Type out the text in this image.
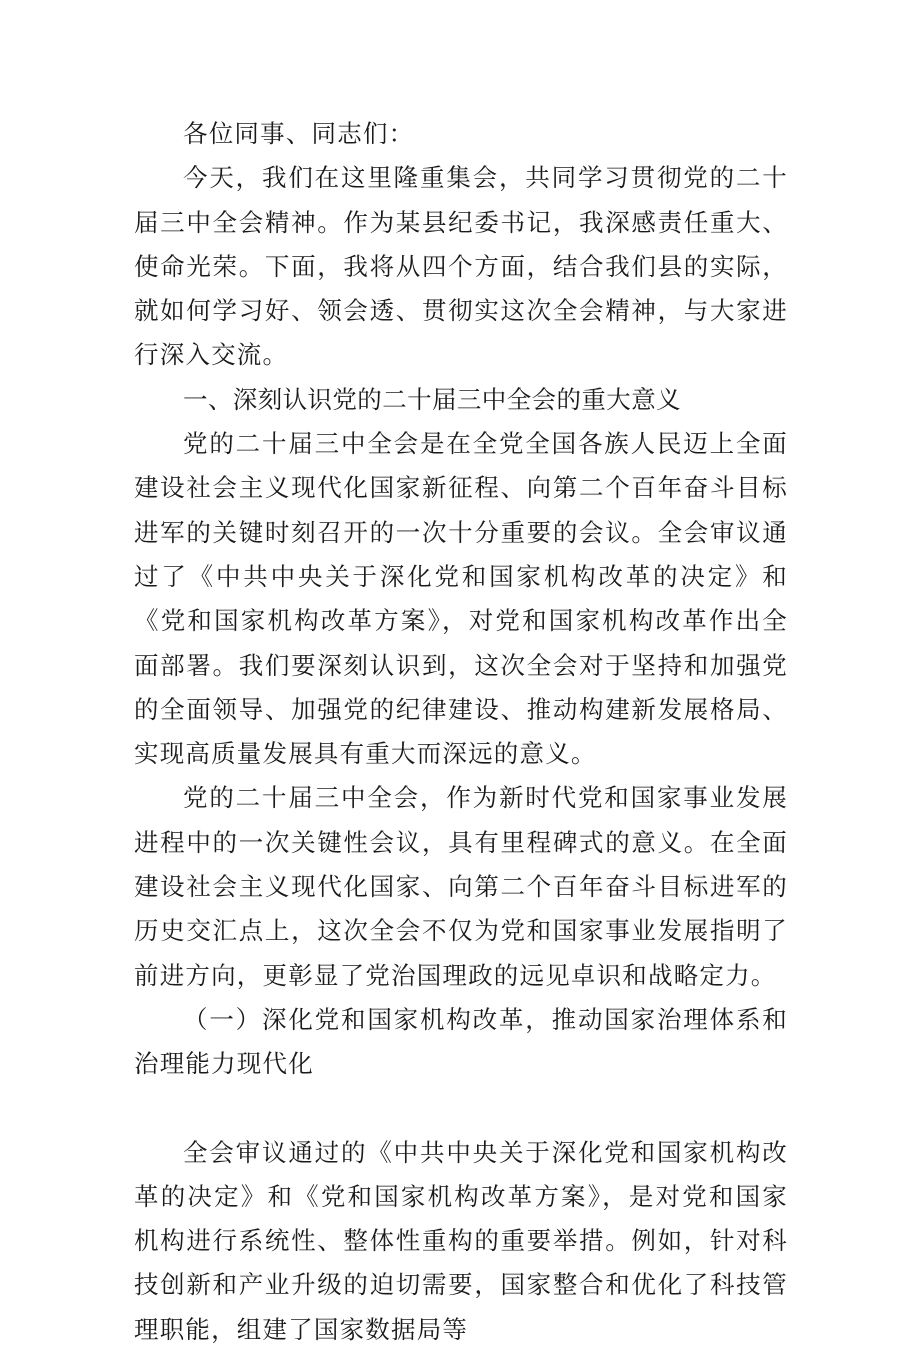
各位同事、同志们：

今天，我们在这里隆重集会，共同学习贯彻党的二十届三中全会精神。作为某县纪委书记，我深感责任重大、使命光荣。下面，我将从四个方面，结合我们县的实际，就如何学习好、领会透、贯彻实这次全会精神，与大家进行深入交流。

一、深刻认识党的二十届三中全会的重大意义

党的二十届三中全会是在全党全国各族人民迈上全面建设社会主义现代化国家新征程、向第二个百年奋斗目标进军的关键时刻召开的一次十分重要的会议。全会审议通过了《中共中央关于深化党和国家机构改革的决定》和《党和国家机构改革方案》，对党和国家机构改革作出全面部署。我们要深刻认识到，这次全会对于坚持和加强党的全面领导、加强党的纪律建设、推动构建新发展格局、实现高质量发展具有重大而深远的意义。

党的二十届三中全会，作为新时代党和国家事业发展进程中的一次关键性会议，具有里程碑式的意义。在全面建设社会主义现代化国家、向第二个百年奋斗目标进军的历史交汇点上，这次全会不仅为党和国家事业发展指明了前进方向，更彰显了党治国理政的远见卓识和战略定力。

（一）深化党和国家机构改革，推动国家治理体系和治理能力现代化

全会审议通过的《中共中央关于深化党和国家机构改革的决定》和《党和国家机构改革方案》，是对党和国家机构进行系统性、整体性重构的重要举措。例如，针对科技创新和产业升级的迫切需要，国家整合和优化了科技管理职能，组建了国家数据局等
